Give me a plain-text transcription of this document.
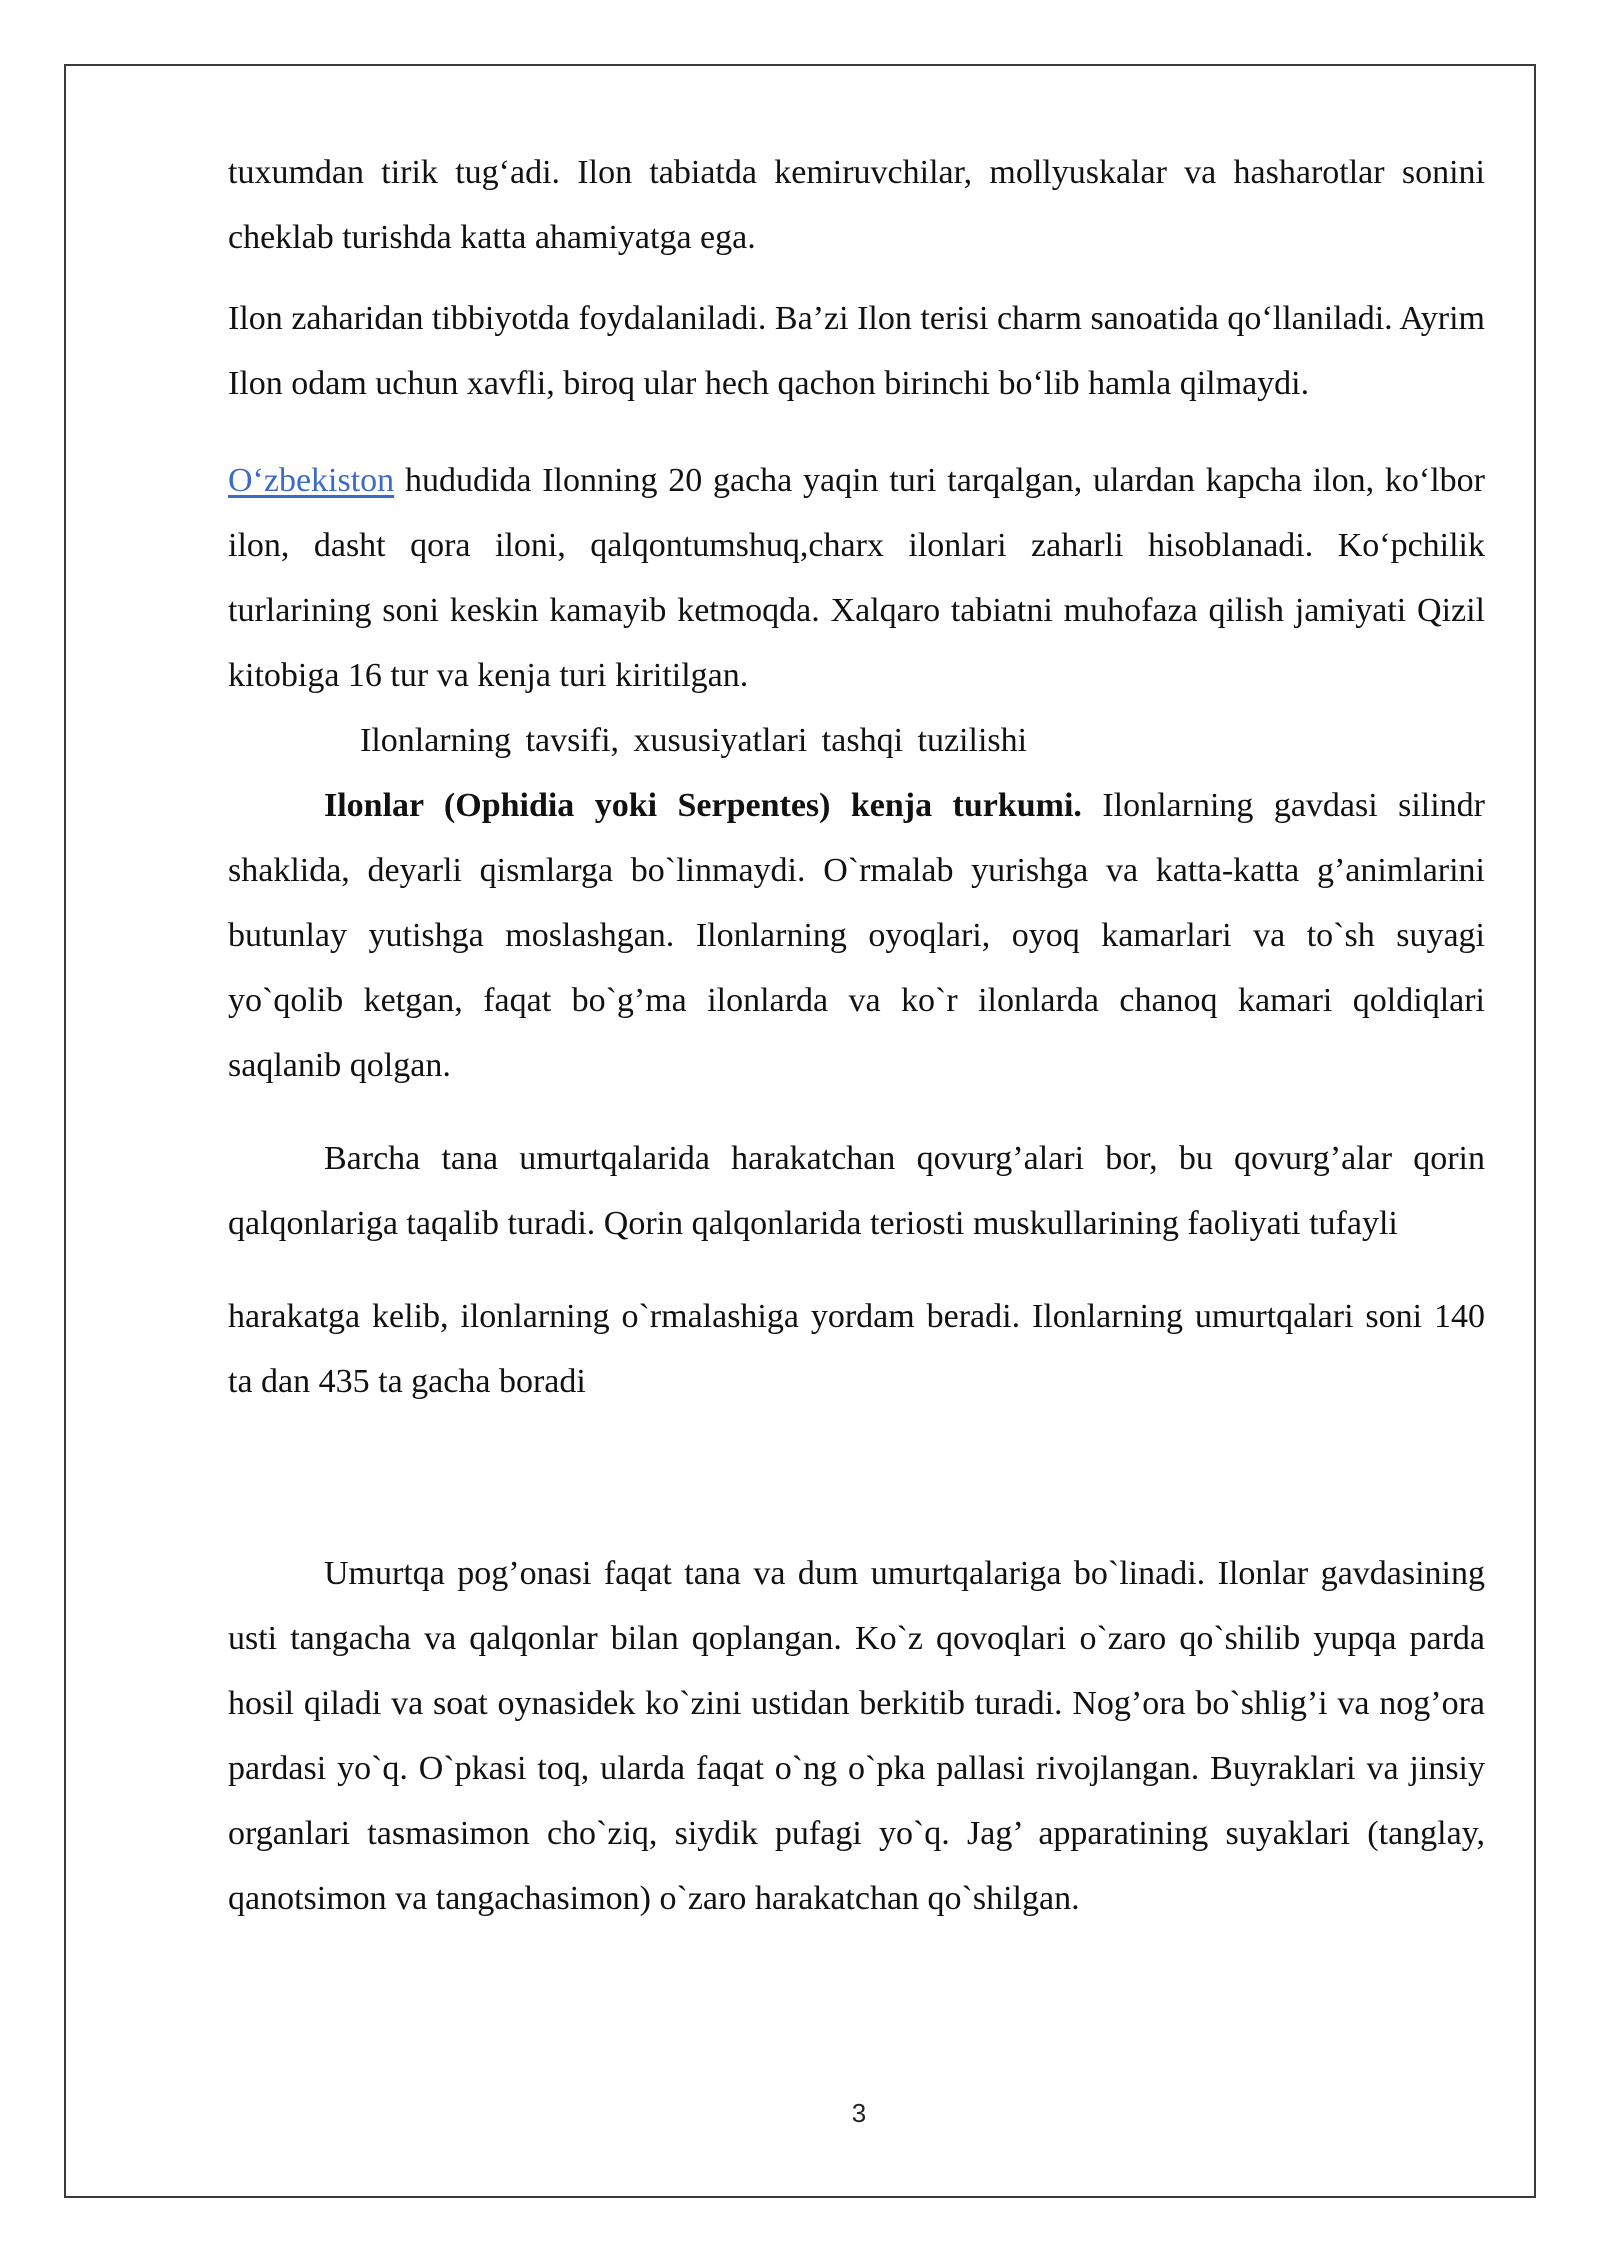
tuxumdan tirik tug‘adi. Ilon tabiatda kemiruvchilar, mollyuskalar va hasharotlar sonini cheklab turishda katta ahamiyatga ega.

Ilon zaharidan tibbiyotda foydalaniladi. Ba’zi Ilon terisi charm sanoatida qo‘llaniladi. Ayrim Ilon odam uchun xavfli, biroq ular hech qachon birinchi bo‘lib hamla qilmaydi.

O‘zbekiston hududida Ilonning 20 gacha yaqin turi tarqalgan, ulardan kapcha ilon, ko‘lbor ilon, dasht qora iloni, qalqontumshuq,charx ilonlari zaharli hisoblanadi. Ko‘pchilik turlarining soni keskin kamayib ketmoqda. Xalqaro tabiatni muhofaza qilish jamiyati Qizil kitobiga 16 tur va kenja turi kiritilgan.

Ilonlarning tavsifi, xususiyatlari tashqi tuzilishi

Ilonlar (Ophidia yoki Serpentes) kenja turkumi. Ilonlarning gavdasi silindr shaklida, deyarli qismlarga bo`linmaydi. O`rmalab yurishga va katta-katta g’animlarini butunlay yutishga moslashgan. Ilonlarning oyoqlari, oyoq kamarlari va to`sh suyagi yo`qolib ketgan, faqat bo`g’ma ilonlarda va ko`r ilonlarda chanoq kamari qoldiqlari saqlanib qolgan.

Barcha tana umurtqalarida harakatchan qovurg’alari bor, bu qovurg’alar qorin qalqonlariga taqalib turadi. Qorin qalqonlarida teriosti muskullarining faoliyati tufayli

harakatga kelib, ilonlarning o`rmalashiga yordam beradi. Ilonlarning umurtqalari soni 140 ta dan 435 ta gacha boradi

Umurtqa pog’onasi faqat tana va dum umurtqalariga bo`linadi. Ilonlar gavdasining usti tangacha va qalqonlar bilan qoplangan. Ko`z qovoqlari o`zaro qo`shilib yupqa parda hosil qiladi va soat oynasidek ko`zini ustidan berkitib turadi. Nog’ora bo`shlig’i va nog’ora pardasi yo`q. O`pkasi toq, ularda faqat o`ng o`pka pallasi rivojlangan. Buyraklari va jinsiy organlari tasmasimon cho`ziq, siydik pufagi yo`q. Jag’ apparatining suyaklari (tanglay, qanotsimon va tangachasimon) o`zaro harakatchan qo`shilgan.

3
